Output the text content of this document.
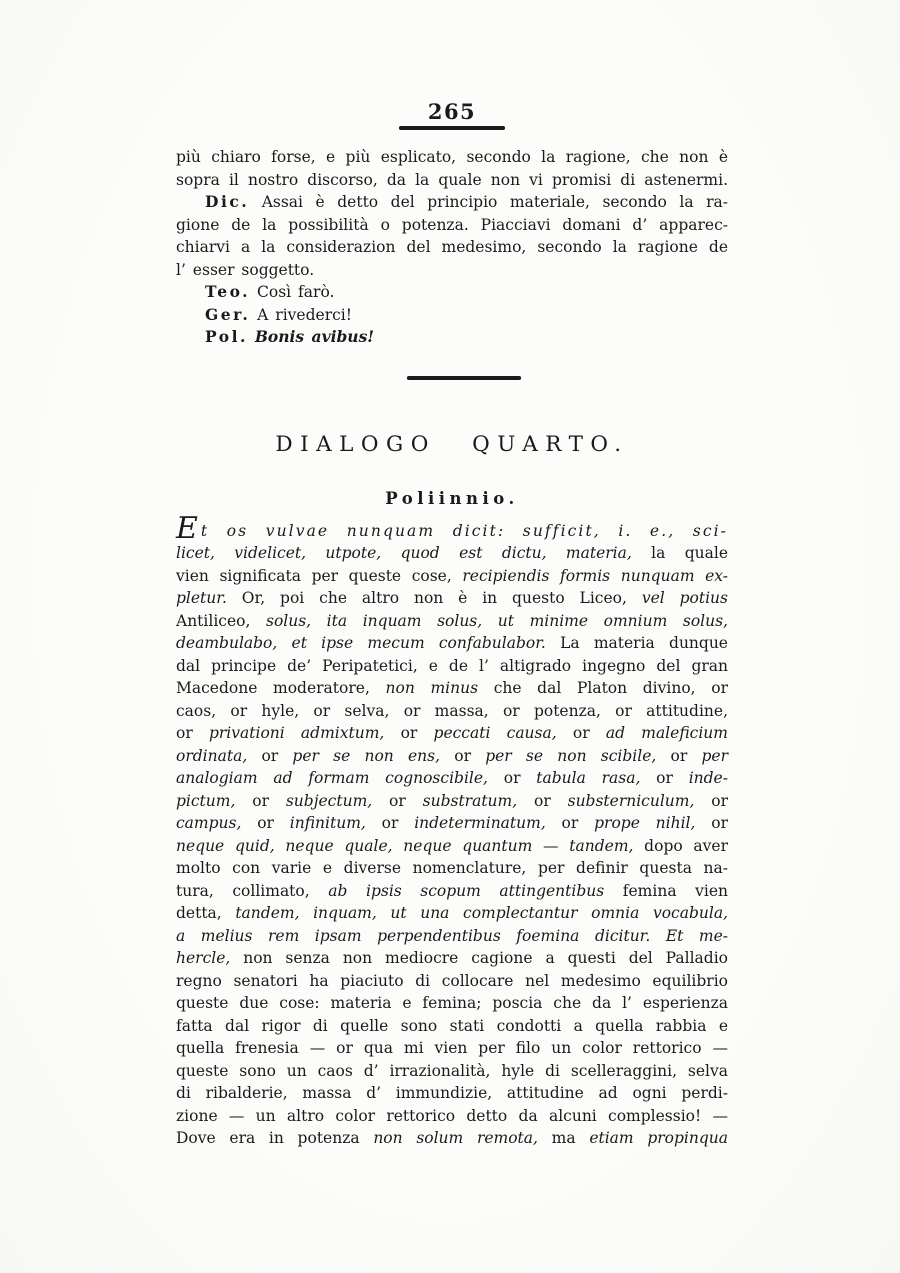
265
più chiaro forse, e più esplicato, secondo la ragione, che non è
sopra il nostro discorso, da la quale non vi promisi di astenermi.
Dic. Assai è detto del principio materiale, secondo la ra-
gione de la possibilità o potenza. Piacciavi domani d’ apparec-
chiarvi a la considerazion del medesimo, secondo la ragione de
l’ esser soggetto.
Teo. Così farò.
Ger. A rivederci!
Pol. Bonis avibus!
DIALOGO QUARTO.
Poliinnio.
Et os vulvae nunquam dicit: sufficit, i. e., sci-
licet, videlicet, utpote, quod est dictu, materia, la quale
vien significata per queste cose, recipiendis formis nunquam ex-
pletur. Or, poi che altro non è in questo Liceo, vel potius
Antiliceo, solus, ita inquam solus, ut minime omnium solus,
deambulabo, et ipse mecum confabulabor. La materia dunque
dal principe de’ Peripatetici, e de l’ altigrado ingegno del gran
Macedone moderatore, non minus che dal Platon divino, or
caos, or hyle, or selva, or massa, or potenza, or attitudine,
or privationi admixtum, or peccati causa, or ad maleficium
ordinata, or per se non ens, or per se non scibile, or per
analogiam ad formam cognoscibile, or tabula rasa, or inde-
pictum, or subjectum, or substratum, or substerniculum, or
campus, or infinitum, or indeterminatum, or prope nihil, or
neque quid, neque quale, neque quantum — tandem, dopo aver
molto con varie e diverse nomenclature, per definir questa na-
tura, collimato, ab ipsis scopum attingentibus femina vien
detta, tandem, inquam, ut una complectantur omnia vocabula,
a melius rem ipsam perpendentibus foemina dicitur. Et me-
hercle, non senza non mediocre cagione a questi del Palladio
regno senatori ha piaciuto di collocare nel medesimo equilibrio
queste due cose: materia e femina; poscia che da l’ esperienza
fatta dal rigor di quelle sono stati condotti a quella rabbia e
quella frenesia — or qua mi vien per filo un color rettorico —
queste sono un caos d’ irrazionalità, hyle di scelleraggini, selva
di ribalderie, massa d’ immundizie, attitudine ad ogni perdi-
zione — un altro color rettorico detto da alcuni complessio! —
Dove era in potenza non solum remota, ma etiam propinqua
